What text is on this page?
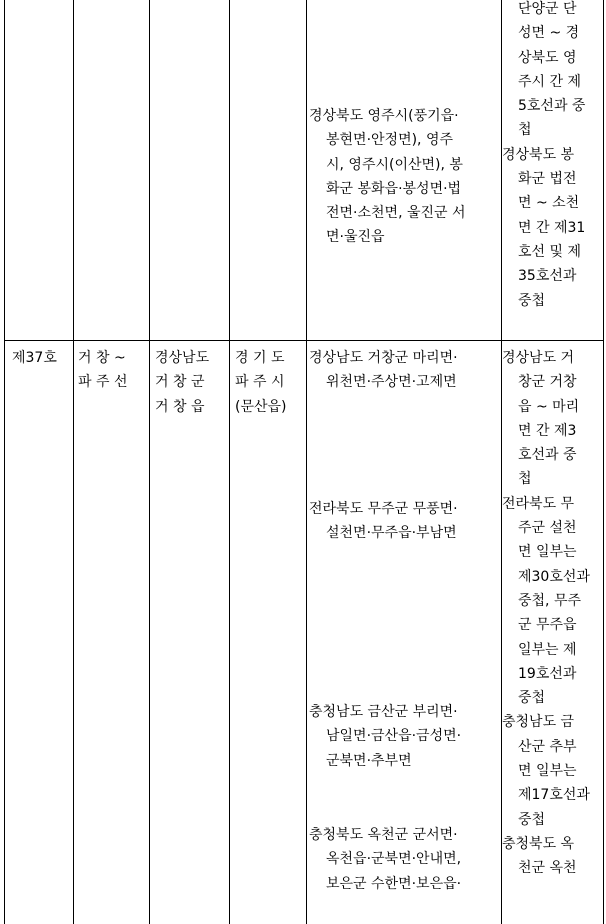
경상북도 영주시(풍기읍·
봉현면·안정면), 영주
시, 영주시(이산면), 봉
화군 봉화읍·봉성면·법
전면·소천면, 울진군 서
면·울진읍
단양군 단
성면 ~ 경
상북도 영
주시 간 제
5호선과 중
첩
경상북도 봉
화군 법전
면 ~ 소천
면 간 제31
호선 및 제
35호선과
중첩
제37호 거 창 ~
파 주 선
경상남도
거 창 군
거 창 읍
경 기 도
파 주 시
(문산읍)
경상남도 거창군 마리면·
위천면·주상면·고제면
전라북도 무주군 무풍면·
설천면·무주읍·부남면
충청남도 금산군 부리면·
남일면·금산읍·금성면·
군북면·추부면
충청북도 옥천군 군서면·
옥천읍·군북면·안내면,
보은군 수한면·보은읍·
경상남도 거
창군 거창
읍 ~ 마리
면 간 제3
호선과 중
첩
전라북도 무
주군 설천
면 일부는
제30호선과
중첩, 무주
군 무주읍
일부는 제
19호선과
중첩
충청남도 금
산군 추부
면 일부는
제17호선과
중첩
충청북도 옥
천군 옥천
